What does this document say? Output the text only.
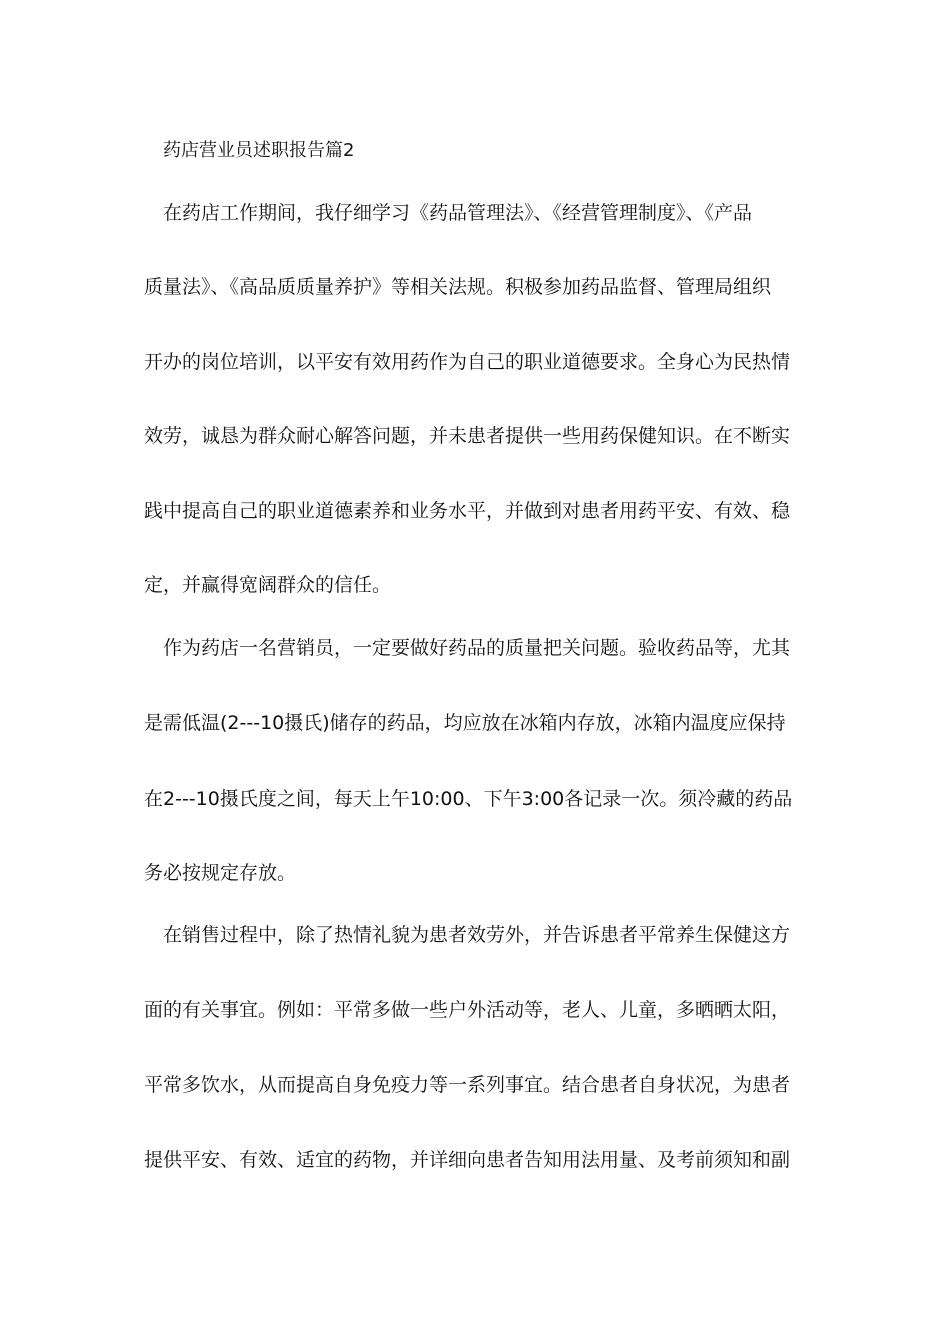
药店营业员述职报告篇2
在药店工作期间，我仔细学习《药品管理法》、《经营管理制度》、《产品
质量法》、《高品质质量养护》等相关法规。积极参加药品监督、管理局组织
开办的岗位培训，以平安有效用药作为自己的职业道德要求。全身心为民热情
效劳，诚恳为群众耐心解答问题，并未患者提供一些用药保健知识。在不断实
践中提高自己的职业道德素养和业务水平，并做到对患者用药平安、有效、稳
定，并赢得宽阔群众的信任。
作为药店一名营销员，一定要做好药品的质量把关问题。验收药品等，尤其
是需低温(2---10摄氏)储存的药品，均应放在冰箱内存放，冰箱内温度应保持
在2---10摄氏度之间，每天上午10:00、下午3:00各记录一次。须冷藏的药品
务必按规定存放。
在销售过程中，除了热情礼貌为患者效劳外，并告诉患者平常养生保健这方
面的有关事宜。例如：平常多做一些户外活动等，老人、儿童，多晒晒太阳，
平常多饮水，从而提高自身免疫力等一系列事宜。结合患者自身状况，为患者
提供平安、有效、适宜的药物，并详细向患者告知用法用量、及考前须知和副
